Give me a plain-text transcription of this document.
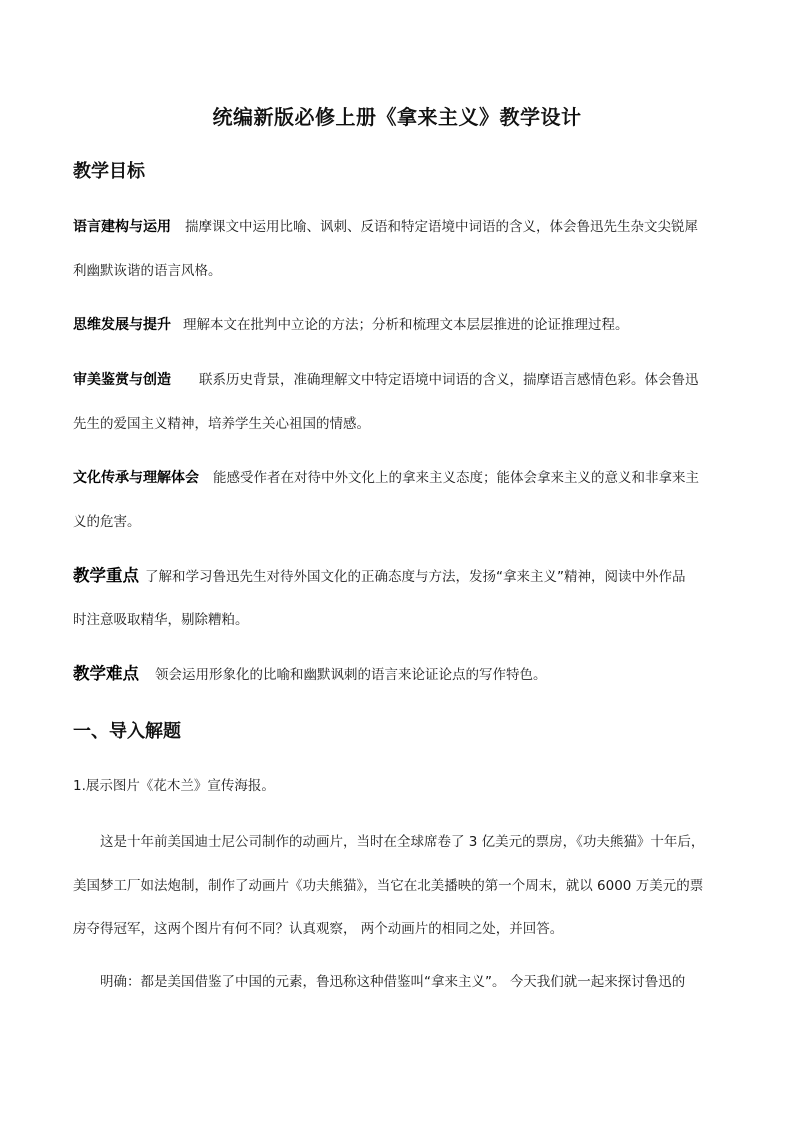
统编新版必修上册《拿来主义》教学设计
教学目标
语言建构与运用 揣摩课文中运用比喻、讽刺、反语和特定语境中词语的含义，体会鲁迅先生杂文尖锐犀
利幽默诙谐的语言风格。
思维发展与提升 理解本文在批判中立论的方法；分析和梳理文本层层推进的论证推理过程。
审美鉴赏与创造 联系历史背景，准确理解文中特定语境中词语的含义，揣摩语言感情色彩。体会鲁迅
先生的爱国主义精神，培养学生关心祖国的情感。
文化传承与理解体会 能感受作者在对待中外文化上的拿来主义态度；能体会拿来主义的意义和非拿来主
义的危害。
教学重点 了解和学习鲁迅先生对待外国文化的正确态度与方法，发扬“拿来主义”精神，阅读中外作品
时注意吸取精华，剔除糟粕。
教学难点 领会运用形象化的比喻和幽默讽刺的语言来论证论点的写作特色。
一、导入解题
1.展示图片《花木兰》宣传海报。
这是十年前美国迪士尼公司制作的动画片，当时在全球席卷了 3 亿美元的票房，《功夫熊猫》十年后，
美国梦工厂如法炮制，制作了动画片《功夫熊猫》，当它在北美播映的第一个周末，就以 6000 万美元的票
房夺得冠军，这两个图片有何不同？认真观察， 两个动画片的相同之处，并回答。
明确：都是美国借鉴了中国的元素，鲁迅称这种借鉴叫“拿来主义”。 今天我们就一起来探讨鲁迅的
